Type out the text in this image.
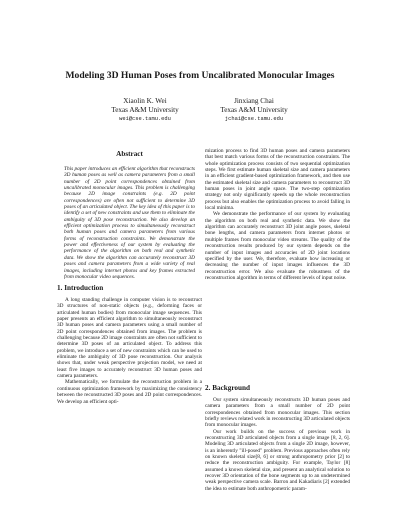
Modeling 3D Human Poses from Uncalibrated Monocular Images
Xiaolin K. Wei
Texas A&M University
wei@cse.tamu.edu
Jinxiang Chai
Texas A&M University
jchai@cse.tamu.edu
Abstract

This paper introduces an efficient algorithm that reconstructs 3D human poses as well as camera parameters from a small number of 2D point correspondences obtained from uncalibrated monocular images. This problem is challenging because 2D image constraints (e.g. 2D point correspondences) are often not sufficient to determine 3D poses of an articulated object. The key idea of this paper is to identify a set of new constraints and use them to eliminate the ambiguity of 3D pose reconstruction. We also develop an efficient optimization process to simultaneously reconstruct both human poses and camera parameters from various forms of reconstruction constraints. We demonstrate the power and effectiveness of our system by evaluating the performance of the algorithm on both real and synthetic data. We show the algorithm can accurately reconstruct 3D poses and camera parameters from a wide variety of real images, including internet photos and key frames extracted from monocular video sequences.

1. Introduction

A long standing challenge in computer vision is to reconstruct 3D structures of non-static objects (e.g., deforming faces or articulated human bodies) from monocular image sequences. This paper presents an efficient algorithm to simultaneously reconstruct 3D human poses and camera parameters using a small number of 2D point correspondences obtained from images. The problem is challenging because 2D image constraints are often not sufficient to determine 3D poses of an articulated object. To address this problem, we introduce a set of new constraints which can be used to eliminate the ambiguity of 3D pose reconstruction. Our analysis shows that, under weak perspective projection model, we need at least five images to accurately reconstruct 3D human poses and camera parameters.

Mathematically, we formulate the reconstruction problem in a continuous optimization framework by maximizing the consistency between the reconstructed 3D poses and 2D point correspondences. We develop an efficient opti-

mization process to find 3D human poses and camera parameters that best match various forms of the reconstruction constraints. The whole optimization process consists of two sequential optimization steps. We first estimate human skeletal size and camera parameters in an efficient gradient-based optimization framework, and then use the estimated skeletal size and camera parameters to reconstruct 3D human poses in joint angle space. The two-step optimization strategy not only significantly speeds up the whole reconstruction process but also enables the optimization process to avoid falling in local minima.

We demonstrate the performance of our system by evaluating the algorithm on both real and synthetic data. We show the algorithm can accurately reconstruct 3D joint angle poses, skeletal bone lengths, and camera parameters from internet photos or multiple frames from monocular video streams. The quality of the reconstruction results produced by our system depends on the number of input images and accuracies of 2D joint locations specified by the user. We, therefore, evaluate how increasing or decreasing the number of input images influences the 3D reconstruction error. We also evaluate the robustness of the reconstruction algorithm in terms of different levels of input noise.

2. Background

Our system simultaneously reconstructs 3D human poses and camera parameters from a small number of 2D point correspondences obtained from monocular images. This section briefly reviews related work in reconstructing 3D articulated objects from monocular images.

Our work builds on the success of previous work in reconstructing 3D articulated objects from a single image [8, 2, 6]. Modeling 3D articulated objects from a single 2D image, however, is an inherently "ill-posed" problem. Previous approaches often rely on known skeletal size[8, 6] or strong anthropometry prior [2] to reduce the reconstruction ambiguity. For example, Taylor [8] assumed a known skeletal size, and present an analytical solution to recover 3D orientation of the bone segments up to an undetermined weak perspective camera scale. Barron and Kakadiaris [2] extended the idea to estimate both anthropometric param-
